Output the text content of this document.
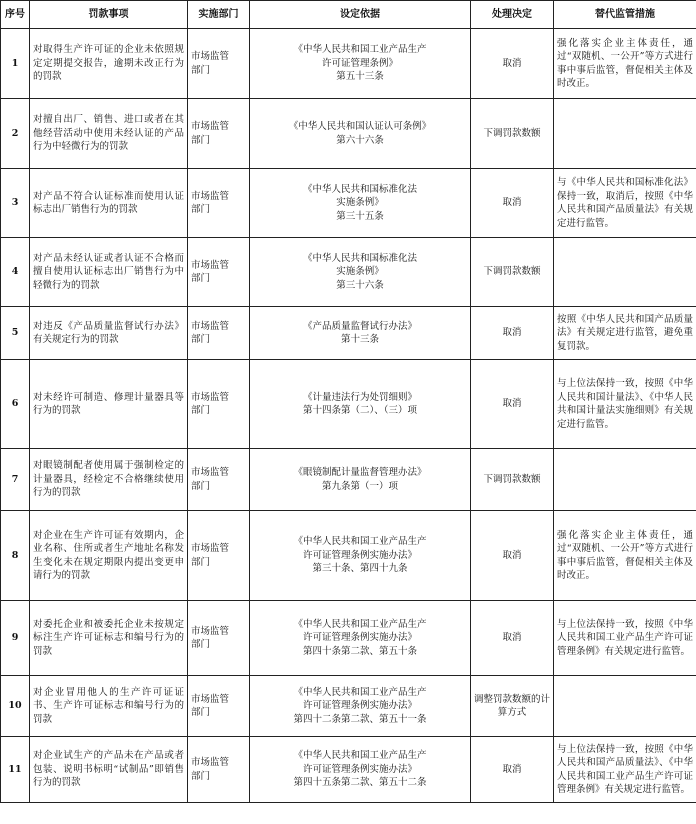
序号	罚款事项	实施部门	设定依据	处理决定	替代监管措施
1	对取得生产许可证的企业未依照规定定期提交报告，逾期未改正行为的罚款	市场监管部门	《中华人民共和国工业产品生产
许可证管理条例》
第五十三条	取消	强化落实企业主体责任，通过“双随机、一公开”等方式进行事中事后监管，督促相关主体及时改正。
2	对擅自出厂、销售、进口或者在其他经营活动中使用未经认证的产品行为中轻微行为的罚款	市场监管部门	《中华人民共和国认证认可条例》
第六十六条	下调罚款数额	
3	对产品不符合认证标准而使用认证标志出厂销售行为的罚款	市场监管部门	《中华人民共和国标准化法
实施条例》
第三十五条	取消	与《中华人民共和国标准化法》保持一致，取消后，按照《中华人民共和国产品质量法》有关规定进行监管。
4	对产品未经认证或者认证不合格而擅自使用认证标志出厂销售行为中轻微行为的罚款	市场监管部门	《中华人民共和国标准化法
实施条例》
第三十六条	下调罚款数额	
5	对违反《产品质量监督试行办法》有关规定行为的罚款	市场监管部门	《产品质量监督试行办法》
第十三条	取消	按照《中华人民共和国产品质量法》有关规定进行监管，避免重复罚款。
6	对未经许可制造、修理计量器具等行为的罚款	市场监管部门	《计量违法行为处罚细则》
第十四条第（二）、（三）项	取消	与上位法保持一致，按照《中华人民共和国计量法》、《中华人民共和国计量法实施细则》有关规定进行监管。
7	对眼镜制配者使用属于强制检定的计量器具，经检定不合格继续使用行为的罚款	市场监管部门	《眼镜制配计量监督管理办法》
第九条第（一）项	下调罚款数额	
8	对企业在生产许可证有效期内，企业名称、住所或者生产地址名称发生变化未在规定期限内提出变更申请行为的罚款	市场监管部门	《中华人民共和国工业产品生产
许可证管理条例实施办法》
第三十条、第四十九条	取消	强化落实企业主体责任，通过“双随机、一公开”等方式进行事中事后监管，督促相关主体及时改正。
9	对委托企业和被委托企业未按规定标注生产许可证标志和编号行为的罚款	市场监管部门	《中华人民共和国工业产品生产
许可证管理条例实施办法》
第四十条第二款、第五十条	取消	与上位法保持一致，按照《中华人民共和国工业产品生产许可证管理条例》有关规定进行监管。
10	对企业冒用他人的生产许可证证书、生产许可证标志和编号行为的罚款	市场监管部门	《中华人民共和国工业产品生产
许可证管理条例实施办法》
第四十二条第二款、第五十一条	调整罚款数额的计算方式	
11	对企业试生产的产品未在产品或者包装、说明书标明“试制品”即销售行为的罚款	市场监管部门	《中华人民共和国工业产品生产
许可证管理条例实施办法》
第四十五条第二款、第五十二条	取消	与上位法保持一致，按照《中华人民共和国产品质量法》、《中华人民共和国工业产品生产许可证管理条例》有关规定进行监管。
